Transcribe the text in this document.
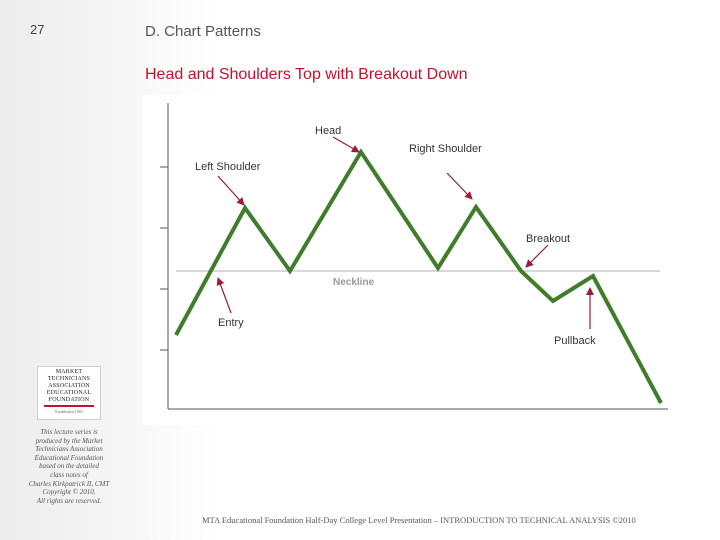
27	D. Chart Patterns
Head and Shoulders Top with Breakout Down
Neckline
Head
Right Shoulder
Left Shoulder
Breakout
Entry
Pullback
MARKET
TECHNICIANS
ASSOCIATION
EDUCATIONAL
FOUNDATION
Established 1993
This lecture series is
produced by the Market
Technicians Association
Educational Foundation
based on the detailed
class notes of
Charles Kirkpatrick II, CMT
Copyright © 2010.
All rights are reserved.
MTA Educational Foundation Half-Day College Level Presentation – INTRODUCTION TO TECHNICAL ANALYSIS ©2010
